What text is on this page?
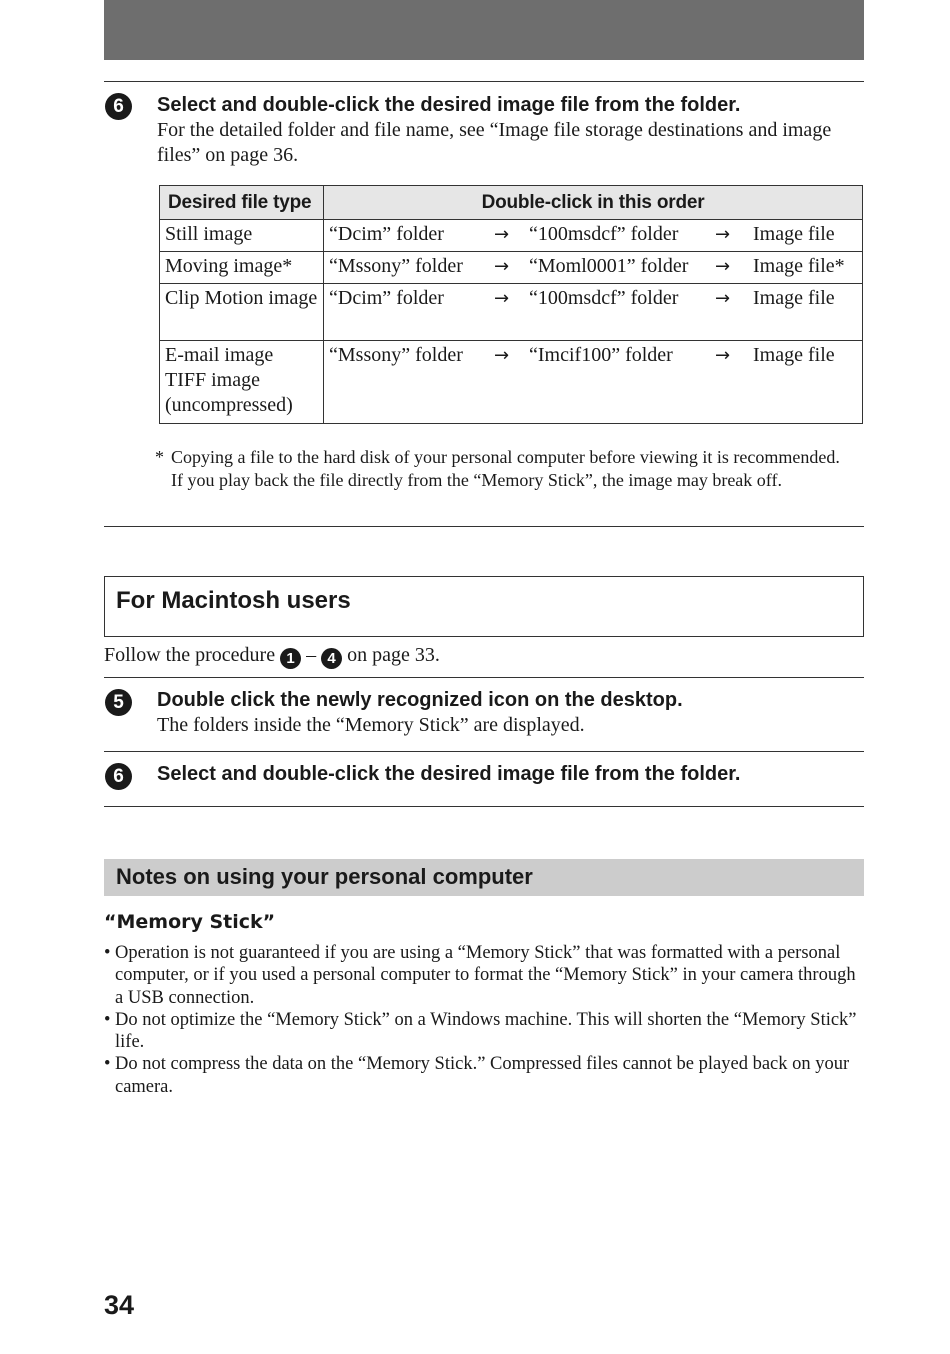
6	Select and double-click the desired image file from the folder.
For the detailed folder and file name, see “Image file storage destinations and image files” on page 36.
Desired file type	Double-click in this order
Still image	“Dcim” folder → “100msdcf” folder → Image file

Moving image*	“Mssony” folder → “Moml0001” folder → Image file*

Clip Motion image	“Dcim” folder → “100msdcf” folder → Image file

E-mail image TIFF image (uncompressed)	“Mssony” folder → “Imcif100” folder → Image file
* Copying a file to the hard disk of your personal computer before viewing it is recommended. If you play back the file directly from the “Memory Stick”, the image may break off.
For Macintosh users
Follow the procedure 1 – 4 on page 33.
5	Double click the newly recognized icon on the desktop.
The folders inside the “Memory Stick” are displayed.
6	Select and double-click the desired image file from the folder.
Notes on using your personal computer
“Memory Stick”
• Operation is not guaranteed if you are using a “Memory Stick” that was formatted with a personal computer, or if you used a personal computer to format the “Memory Stick” in your camera through a USB connection.
• Do not optimize the “Memory Stick” on a Windows machine. This will shorten the “Memory Stick” life.
• Do not compress the data on the “Memory Stick.” Compressed files cannot be played back on your camera.
34
